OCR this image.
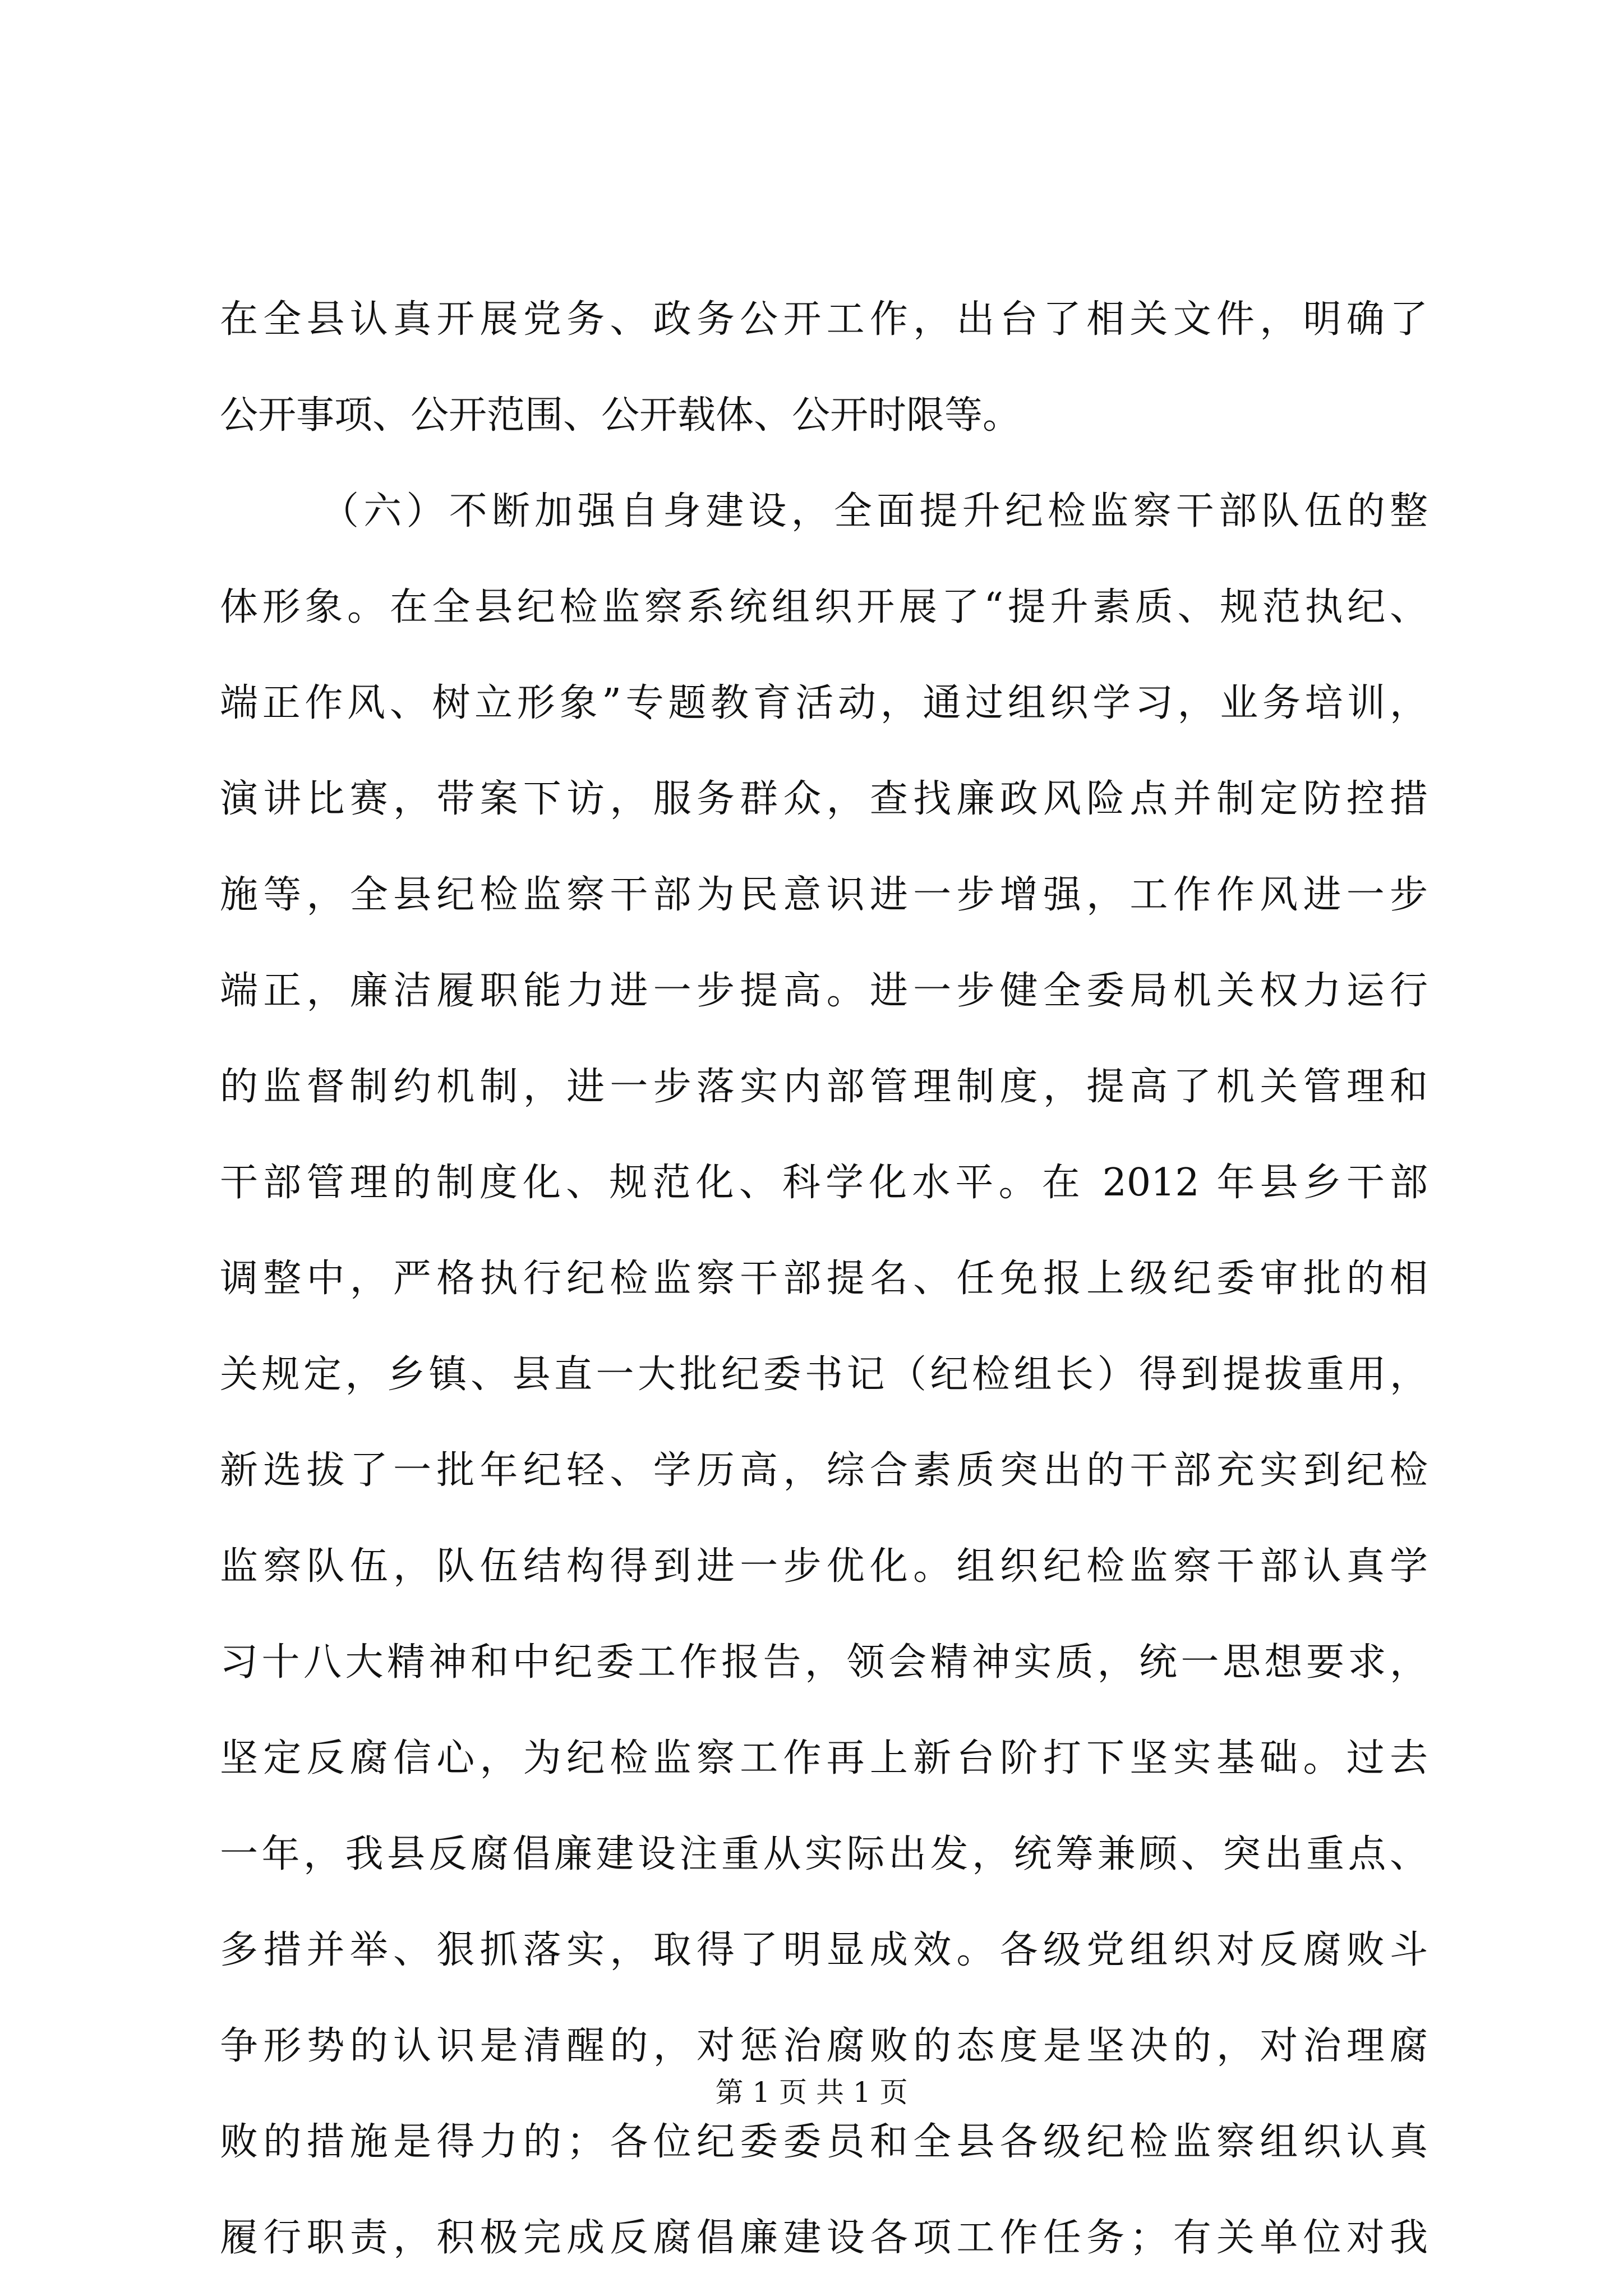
在全县认真开展党务、政务公开工作，出台了相关文件，明确了
公开事项、公开范围、公开载体、公开时限等。
（六）不断加强自身建设，全面提升纪检监察干部队伍的整
体形象。在全县纪检监察系统组织开展了“提升素质、规范执纪、
端正作风、树立形象”专题教育活动，通过组织学习，业务培训，
演讲比赛，带案下访，服务群众，查找廉政风险点并制定防控措
施等，全县纪检监察干部为民意识进一步增强，工作作风进一步
端正，廉洁履职能力进一步提高。进一步健全委局机关权力运行
的监督制约机制，进一步落实内部管理制度，提高了机关管理和
干部管理的制度化、规范化、科学化水平。在 2012 年县乡干部
调整中，严格执行纪检监察干部提名、任免报上级纪委审批的相
关规定，乡镇、县直一大批纪委书记（纪检组长）得到提拔重用，
新选拔了一批年纪轻、学历高，综合素质突出的干部充实到纪检
监察队伍，队伍结构得到进一步优化。组织纪检监察干部认真学
习十八大精神和中纪委工作报告，领会精神实质，统一思想要求，
坚定反腐信心，为纪检监察工作再上新台阶打下坚实基础。过去
一年，我县反腐倡廉建设注重从实际出发，统筹兼顾、突出重点、
多措并举、狠抓落实，取得了明显成效。各级党组织对反腐败斗
争形势的认识是清醒的，对惩治腐败的态度是坚决的，对治理腐
败的措施是得力的；各位纪委委员和全县各级纪检监察组织认真
履行职责，积极完成反腐倡廉建设各项工作任务；有关单位对我
第 1 页 共 1 页
